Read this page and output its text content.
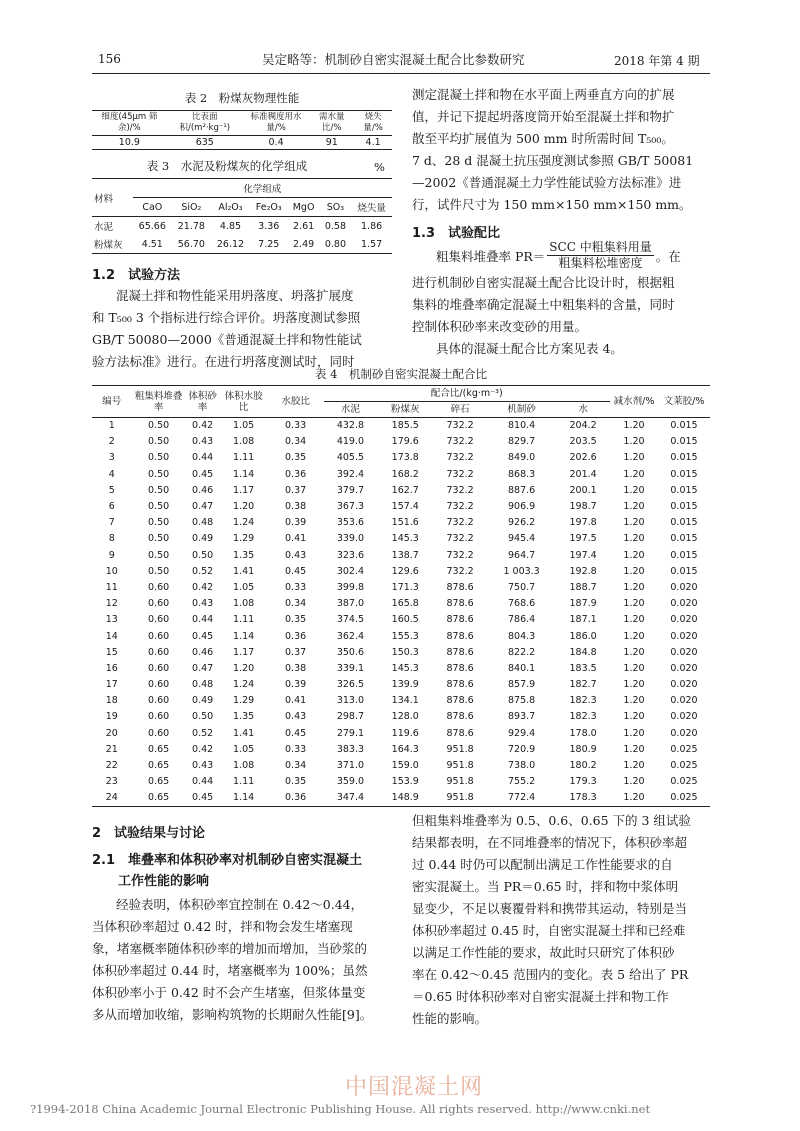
156	吴定略等：机制砂自密实混凝土配合比参数研究	2018 年第 4 期
表 2　粉煤灰物理性能
细度(45μm 筛余)/%	比表面积/(m²·kg⁻¹)	标准稠度用水量/%	需水量比/%	烧失量/%
10.9	635	0.4	91	4.1
表 3　水泥及粉煤灰的化学组成	%
材料	化学组成						
	CaO	SiO₂	Al₂O₃	Fe₂O₃	MgO	SO₃	烧失量
水泥	65.66	21.78	4.85	3.36	2.61	0.58	1.86
粉煤灰	4.51	56.70	26.12	7.25	2.49	0.80	1.57
1.2　试验方法
混凝土拌和物性能采用坍落度、坍落扩展度
和 T₅₀₀ 3 个指标进行综合评价。坍落度测试参照
GB/T 50080—2000《普通混凝土拌和物性能试
验方法标准》进行。在进行坍落度测试时，同时
测定混凝土拌和物在水平面上两垂直方向的扩展
值，并记下提起坍落度筒开始至混凝土拌和物扩
散至平均扩展值为 500 mm 时所需时间 T₅₀₀。
7 d、28 d 混凝土抗压强度测试参照 GB/T 50081
—2002《普通混凝土力学性能试验方法标准》进
行，试件尺寸为 150 mm×150 mm×150 mm。
1.3　试验配比
粗集料堆叠率 PR＝
SCC 中粗集料用量
粗集料松堆密度 。在
进行机制砂自密实混凝土配合比设计时，根据粗
集料的堆叠率确定混凝土中粗集料的含量，同时
控制体积砂率来改变砂的用量。
具体的混凝土配合比方案见表 4。
表 4　机制砂自密实混凝土配合比
编号	粗集料堆叠率	体积砂率	体积水胶比	水胶比	配合比/(kg·m⁻³)					减水剂/%	文莱胶/%
					水泥	粉煤灰	碎石	机制砂	水		
1	0.50	0.42	1.05	0.33	432.8	185.5	732.2	810.4	204.2	1.20	0.015
2	0.50	0.43	1.08	0.34	419.0	179.6	732.2	829.7	203.5	1.20	0.015
3	0.50	0.44	1.11	0.35	405.5	173.8	732.2	849.0	202.6	1.20	0.015
4	0.50	0.45	1.14	0.36	392.4	168.2	732.2	868.3	201.4	1.20	0.015
5	0.50	0.46	1.17	0.37	379.7	162.7	732.2	887.6	200.1	1.20	0.015
6	0.50	0.47	1.20	0.38	367.3	157.4	732.2	906.9	198.7	1.20	0.015
7	0.50	0.48	1.24	0.39	353.6	151.6	732.2	926.2	197.8	1.20	0.015
8	0.50	0.49	1.29	0.41	339.0	145.3	732.2	945.4	197.5	1.20	0.015
9	0.50	0.50	1.35	0.43	323.6	138.7	732.2	964.7	197.4	1.20	0.015
10	0.50	0.52	1.41	0.45	302.4	129.6	732.2	1 003.3	192.8	1.20	0.015
11	0.60	0.42	1.05	0.33	399.8	171.3	878.6	750.7	188.7	1.20	0.020
12	0.60	0.43	1.08	0.34	387.0	165.8	878.6	768.6	187.9	1.20	0.020
13	0.60	0.44	1.11	0.35	374.5	160.5	878.6	786.4	187.1	1.20	0.020
14	0.60	0.45	1.14	0.36	362.4	155.3	878.6	804.3	186.0	1.20	0.020
15	0.60	0.46	1.17	0.37	350.6	150.3	878.6	822.2	184.8	1.20	0.020
16	0.60	0.47	1.20	0.38	339.1	145.3	878.6	840.1	183.5	1.20	0.020
17	0.60	0.48	1.24	0.39	326.5	139.9	878.6	857.9	182.7	1.20	0.020
18	0.60	0.49	1.29	0.41	313.0	134.1	878.6	875.8	182.3	1.20	0.020
19	0.60	0.50	1.35	0.43	298.7	128.0	878.6	893.7	182.3	1.20	0.020
20	0.60	0.52	1.41	0.45	279.1	119.6	878.6	929.4	178.0	1.20	0.020
21	0.65	0.42	1.05	0.33	383.3	164.3	951.8	720.9	180.9	1.20	0.025
22	0.65	0.43	1.08	0.34	371.0	159.0	951.8	738.0	180.2	1.20	0.025
23	0.65	0.44	1.11	0.35	359.0	153.9	951.8	755.2	179.3	1.20	0.025
24	0.65	0.45	1.14	0.36	347.4	148.9	951.8	772.4	178.3	1.20	0.025
2　试验结果与讨论
2.1　堆叠率和体积砂率对机制砂自密实混凝土
工作性能的影响
经验表明，体积砂率宜控制在 0.42～0.44，
当体积砂率超过 0.42 时，拌和物会发生堵塞现
象，堵塞概率随体积砂率的增加而增加，当砂浆的
体积砂率超过 0.44 时，堵塞概率为 100%；虽然
体积砂率小于 0.42 时不会产生堵塞，但浆体量变
多从而增加收缩，影响构筑物的长期耐久性能[9]。
但粗集料堆叠率为 0.5、0.6、0.65 下的 3 组试验
结果都表明，在不同堆叠率的情况下，体积砂率超
过 0.44 时仍可以配制出满足工作性能要求的自
密实混凝土。当 PR＝0.65 时，拌和物中浆体明
显变少，不足以裹覆骨料和携带其运动，特别是当
体积砂率超过 0.45 时，自密实混凝土拌和已经难
以满足工作性能的要求，故此时只研究了体积砂
率在 0.42～0.45 范围内的变化。表 5 给出了 PR
＝0.65 时体积砂率对自密实混凝土拌和物工作
性能的影响。
中国混凝土网
?1994-2018 China Academic Journal Electronic Publishing House. All rights reserved. http://www.cnki.net
